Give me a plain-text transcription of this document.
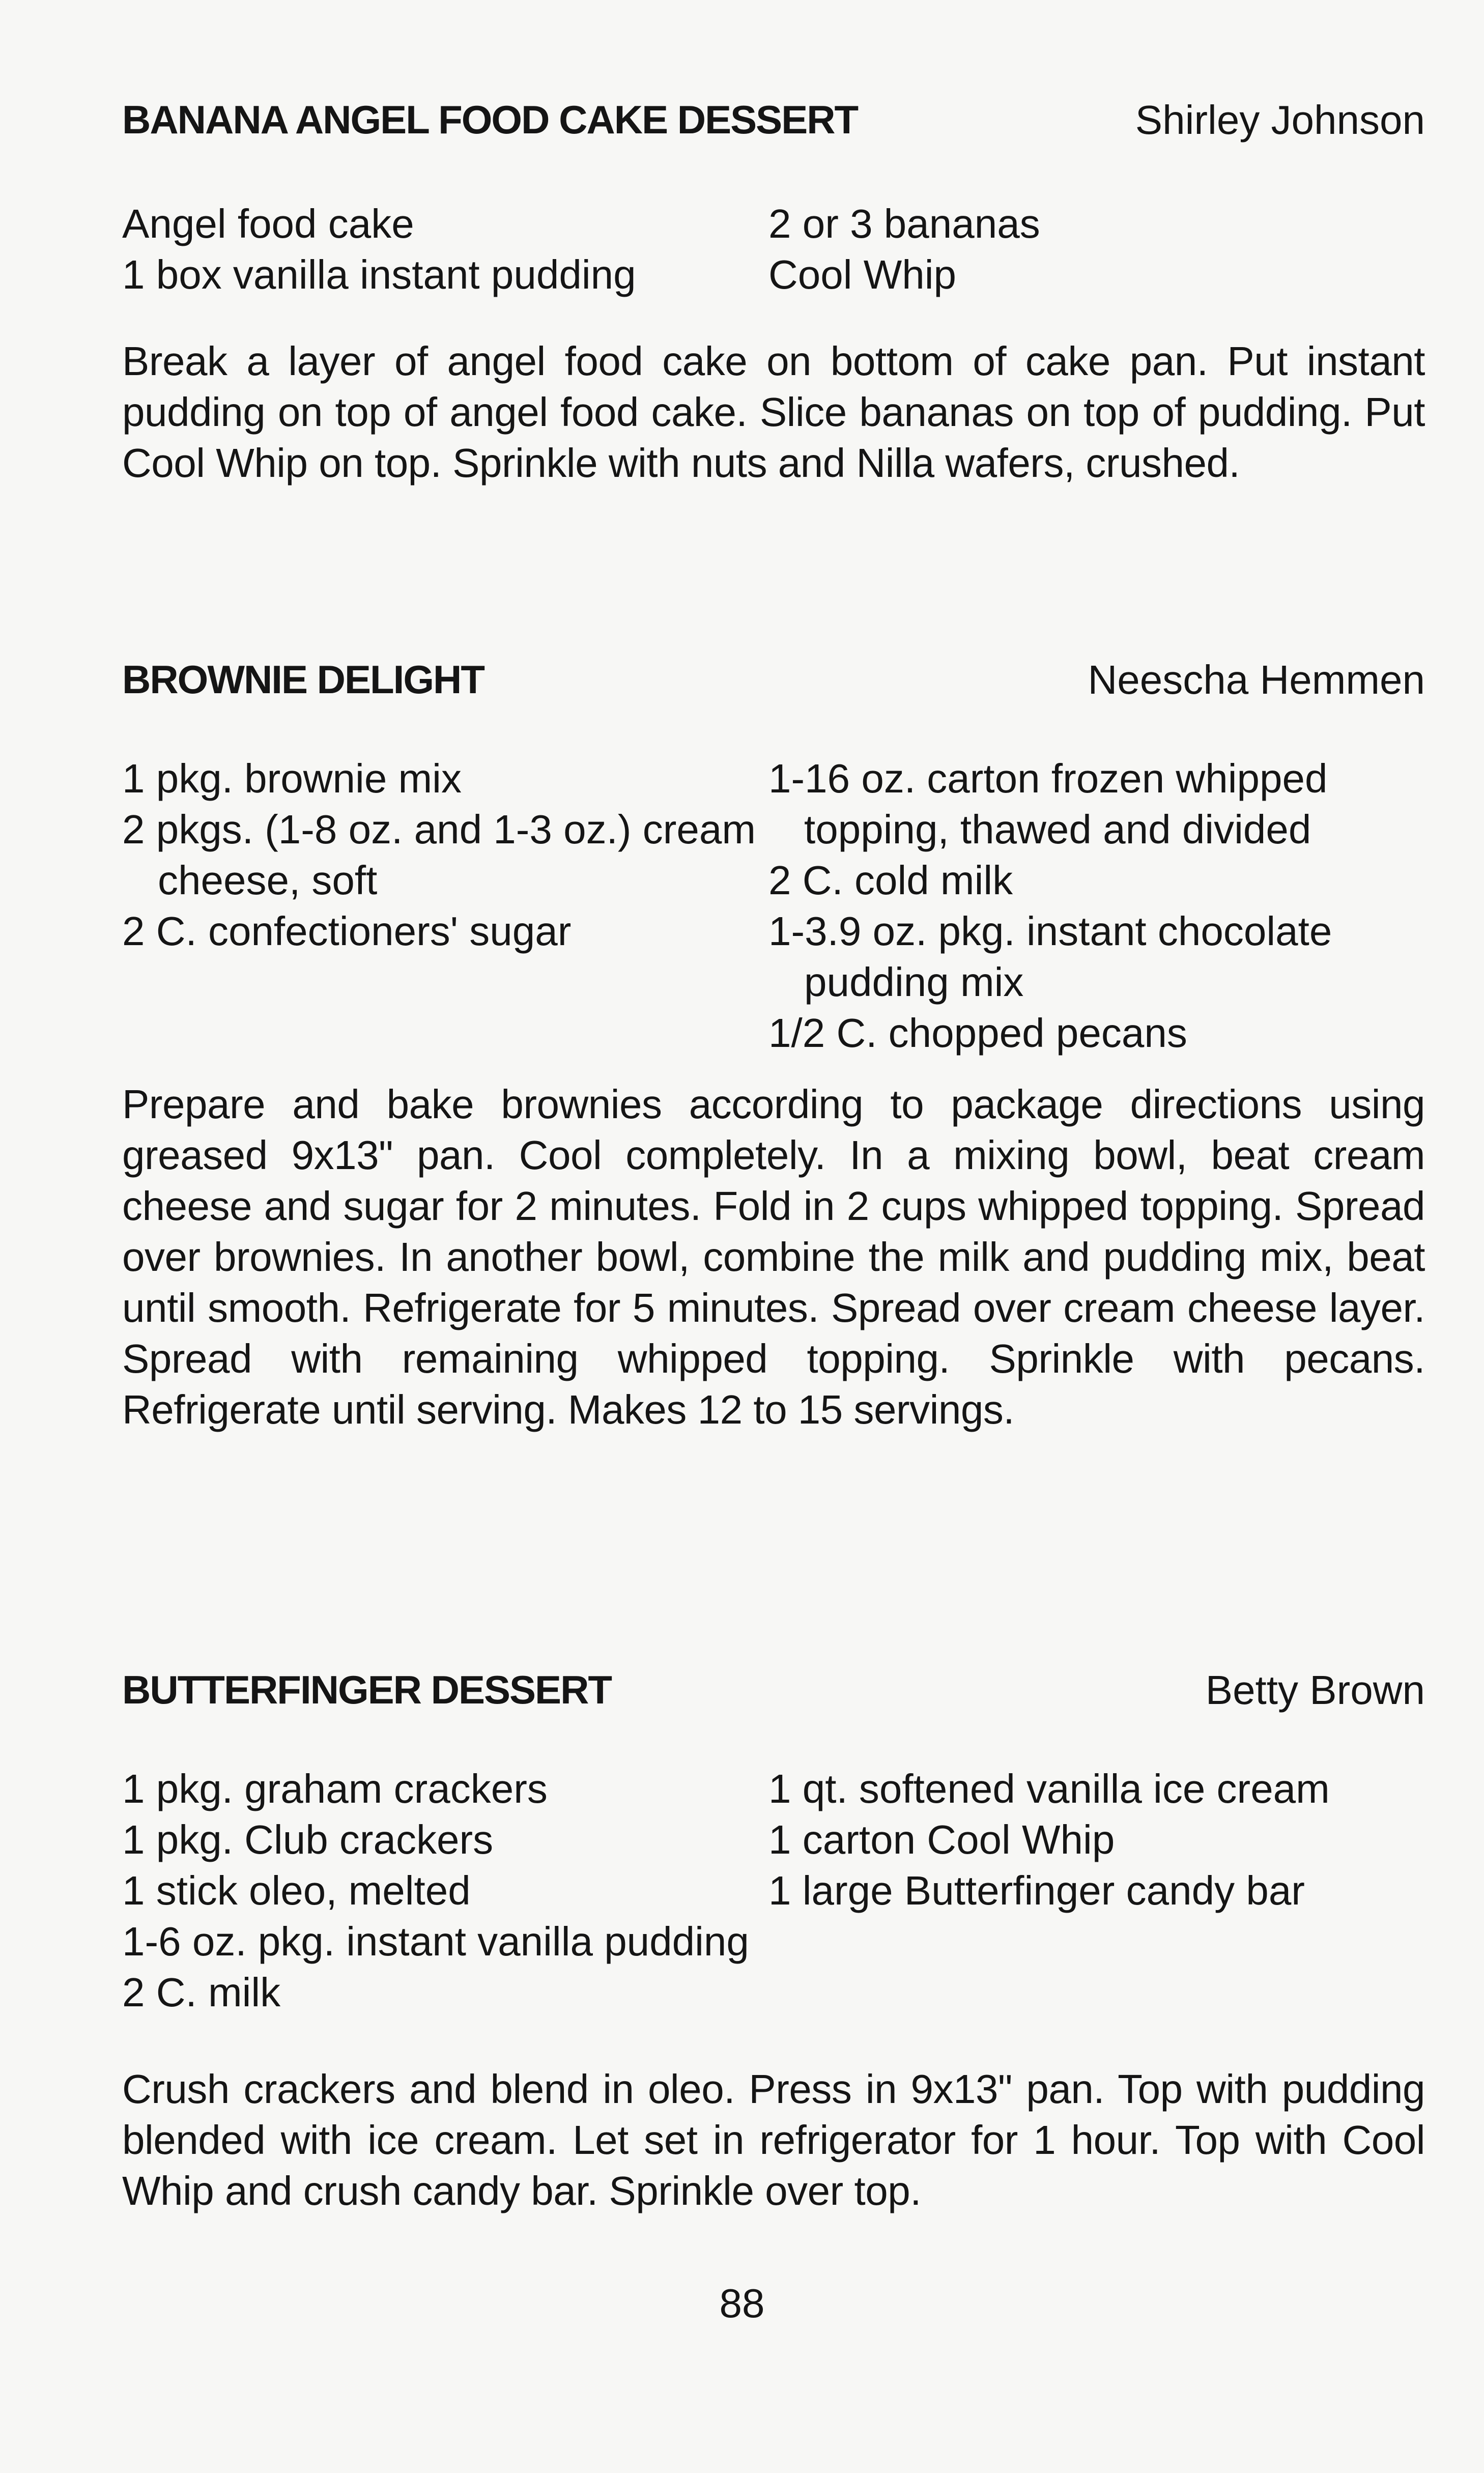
BANANA ANGEL FOOD CAKE DESSERT	Shirley Johnson
Angel food cake
1 box vanilla instant pudding
2 or 3 bananas
Cool Whip

Break a layer of angel food cake on bottom of cake pan. Put instant pudding on top of angel food cake. Slice bananas on top of pudding. Put Cool Whip on top. Sprinkle with nuts and Nilla wafers, crushed.

BROWNIE DELIGHT	Neescha Hemmen
1 pkg. brownie mix
2 pkgs. (1-8 oz. and 1-3 oz.) cream cheese, soft
2 C. confectioners' sugar
1-16 oz. carton frozen whipped topping, thawed and divided
2 C. cold milk
1-3.9 oz. pkg. instant chocolate pudding mix
1/2 C. chopped pecans

Prepare and bake brownies according to package directions using greased 9x13" pan. Cool completely. In a mixing bowl, beat cream cheese and sugar for 2 minutes. Fold in 2 cups whipped topping. Spread over brownies. In another bowl, combine the milk and pudding mix, beat until smooth. Refrigerate for 5 minutes. Spread over cream cheese layer. Spread with remaining whipped topping. Sprinkle with pecans. Refrigerate until serving. Makes 12 to 15 servings.

BUTTERFINGER DESSERT	Betty Brown
1 pkg. graham crackers
1 pkg. Club crackers
1 stick oleo, melted
1-6 oz. pkg. instant vanilla pudding
2 C. milk
1 qt. softened vanilla ice cream
1 carton Cool Whip
1 large Butterfinger candy bar

Crush crackers and blend in oleo. Press in 9x13" pan. Top with pudding blended with ice cream. Let set in refrigerator for 1 hour. Top with Cool Whip and crush candy bar. Sprinkle over top.

88
